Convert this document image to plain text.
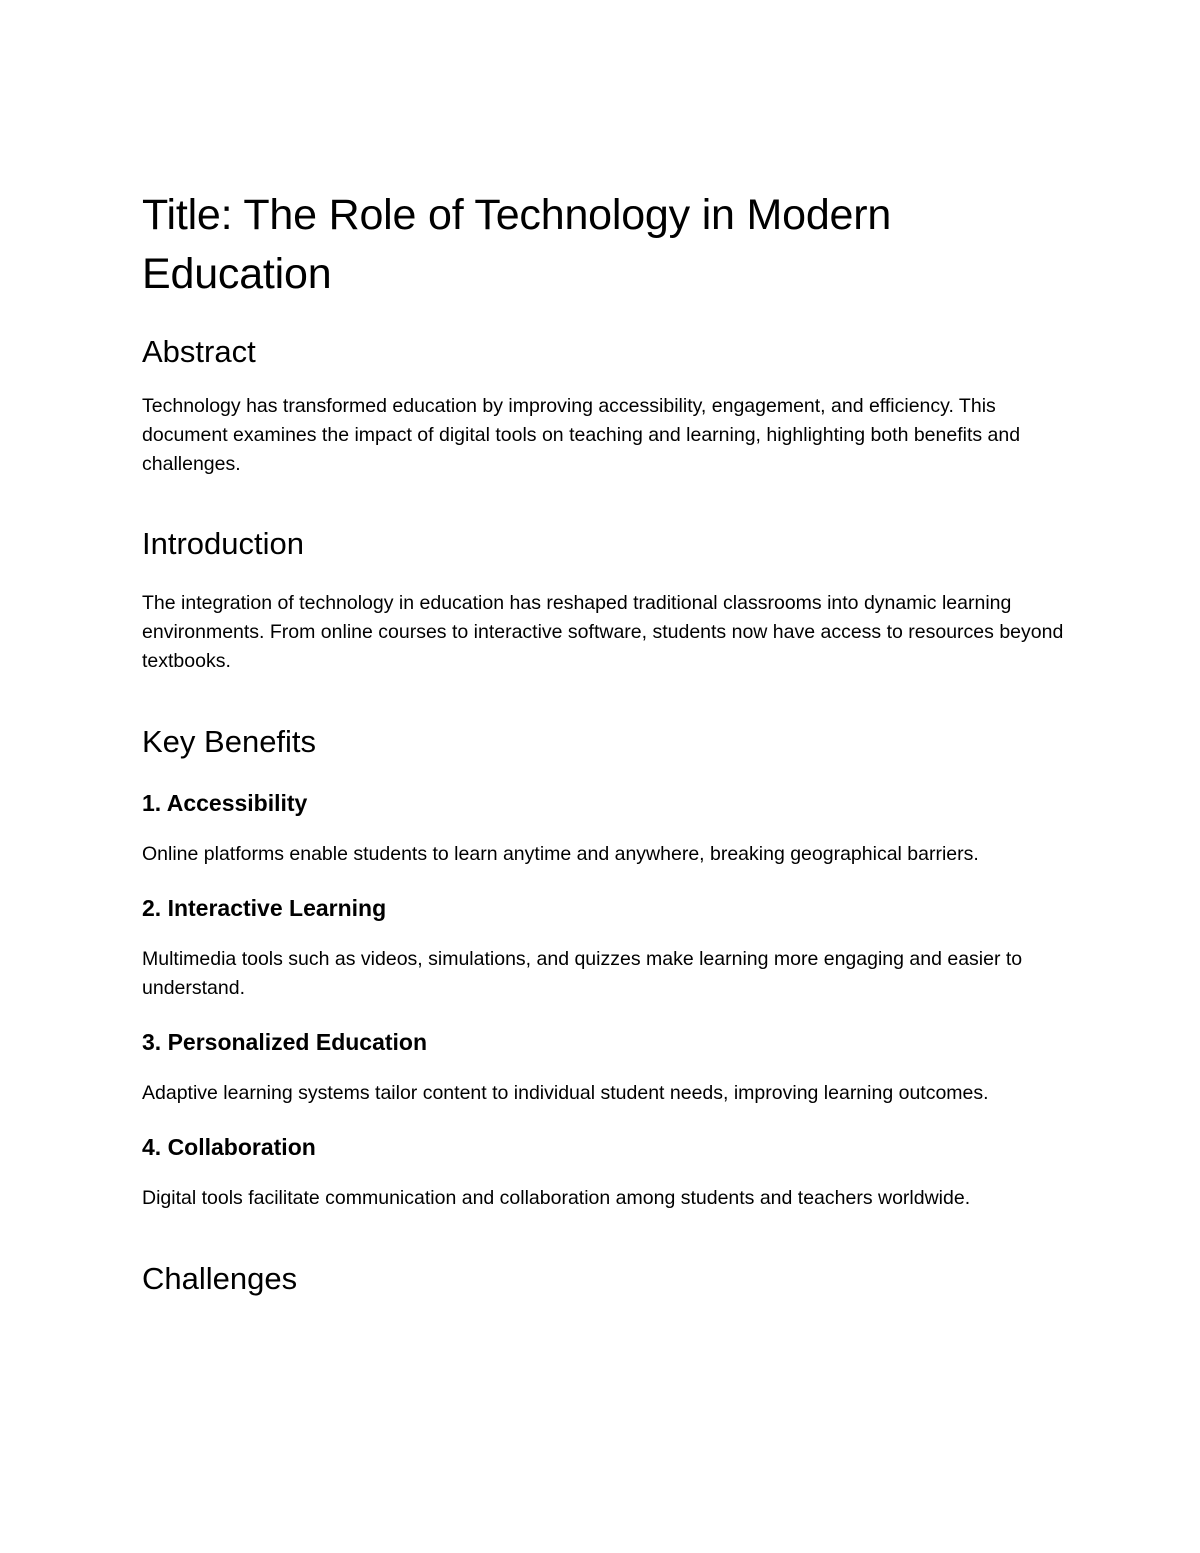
Title: The Role of Technology in Modern Education
Abstract

Technology has transformed education by improving accessibility, engagement, and efficiency. This document examines the impact of digital tools on teaching and learning, highlighting both benefits and challenges.

Introduction

The integration of technology in education has reshaped traditional classrooms into dynamic learning environments. From online courses to interactive software, students now have access to resources beyond textbooks.

Key Benefits
1. Accessibility

Online platforms enable students to learn anytime and anywhere, breaking geographical barriers.

2. Interactive Learning

Multimedia tools such as videos, simulations, and quizzes make learning more engaging and easier to understand.

3. Personalized Education

Adaptive learning systems tailor content to individual student needs, improving learning outcomes.

4. Collaboration

Digital tools facilitate communication and collaboration among students and teachers worldwide.

Challenges
